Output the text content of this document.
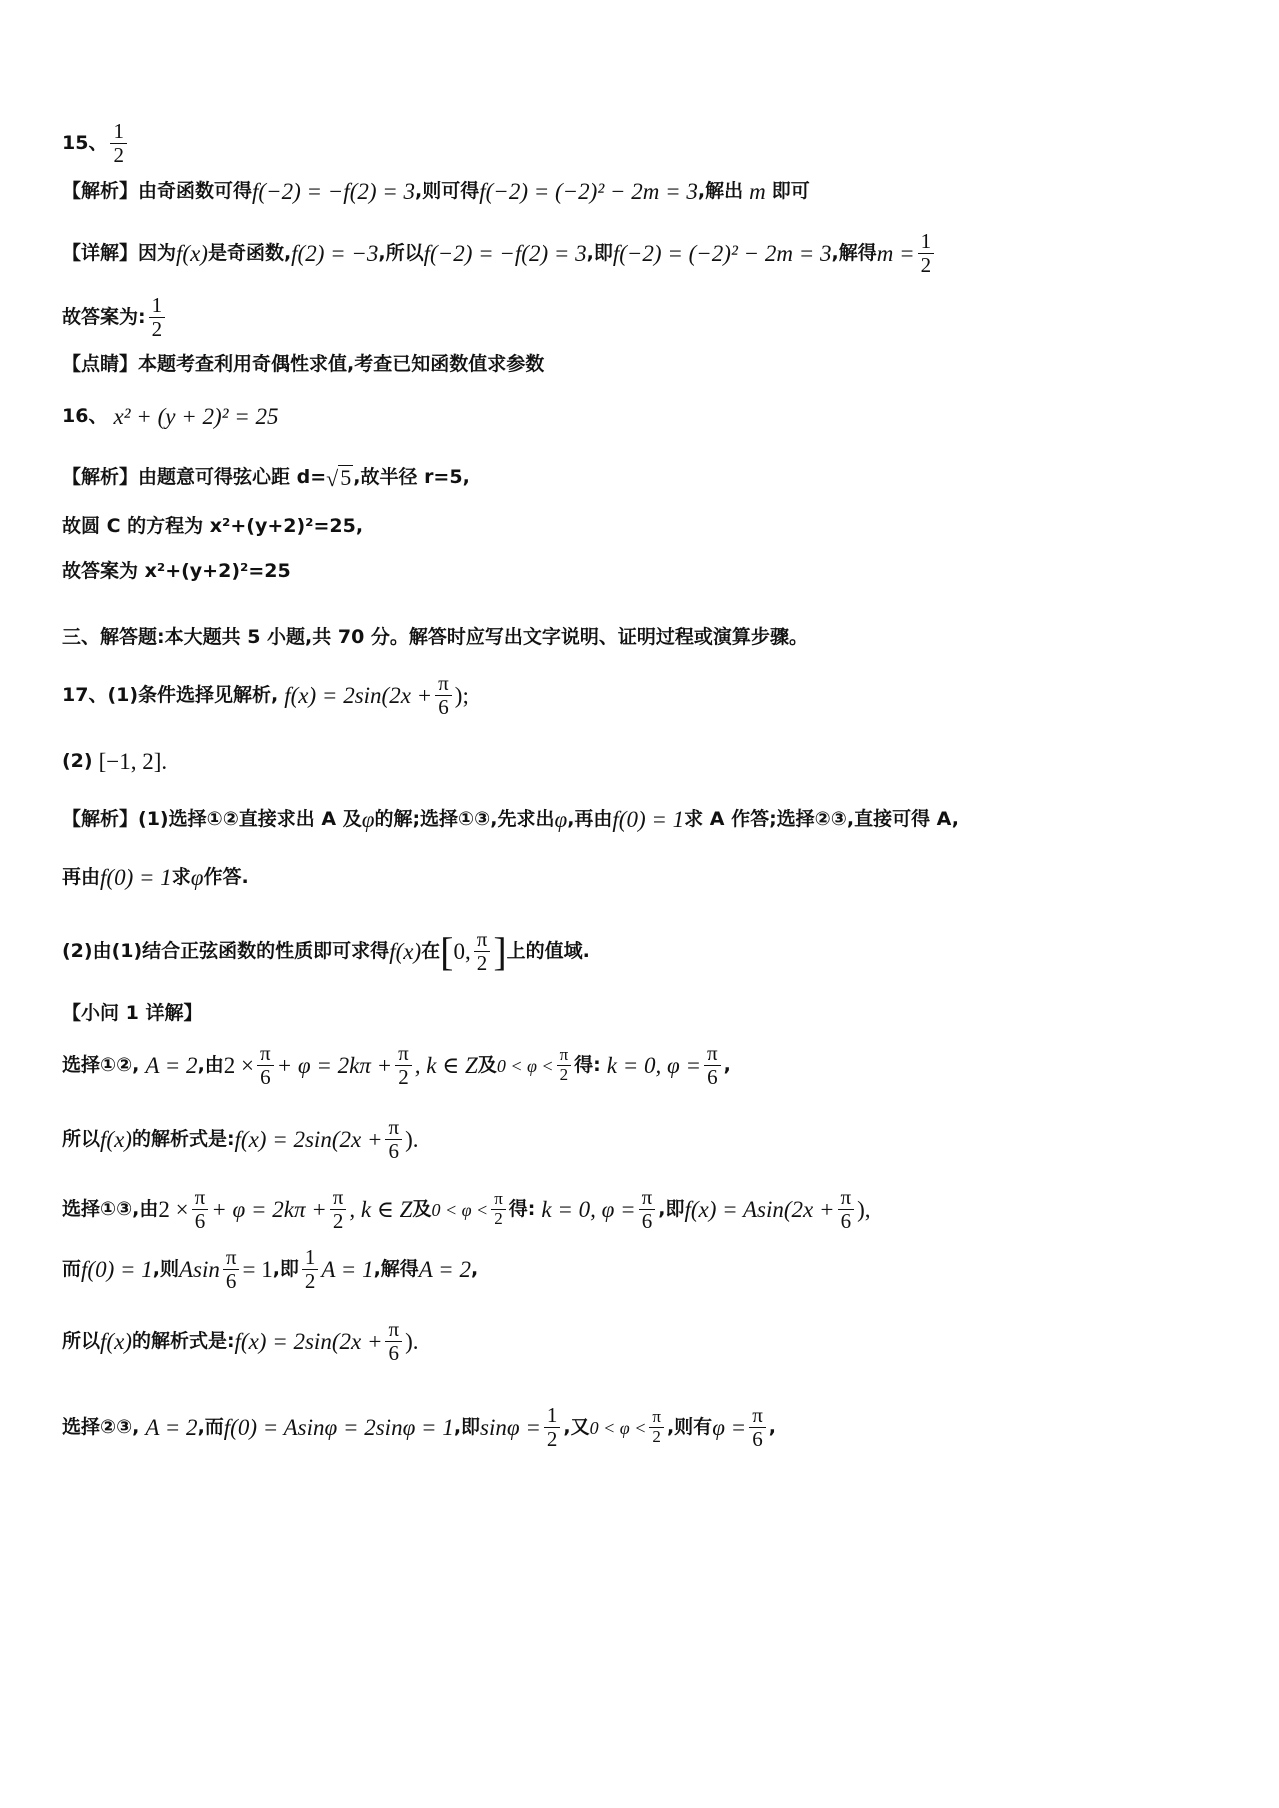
15、 $\frac{1}{2}$
【解析】 由奇函数可得 f(−2) = −f(2) = 3 ,则可得 f(−2) = (−2)² − 2m = 3 ,解出 m 即可
【详解】 因为 f(x) 是奇函数, f(2) = −3 ,所以 f(−2) = −f(2) = 3 ,即 f(−2) = (−2)² − 2m = 3 ,解得 $m = \frac{1}{2}$
故答案为: $\frac{1}{2}$
【点睛】 本题考查利用奇偶性求值,考查已知函数值求参数
16、 x² + (y + 2)² = 25
【解析】 由题意可得弦心距 d= √ 5 ,故半径 r=5,
故圆 C 的方程为 x²+(y+2)²=25,
故答案为 x²+(y+2)²=25
三、解答题:本大题共 5 小题,共 70 分。解答时应写出文字说明、证明过程或演算步骤。
17、(1)条件选择见解析, $f(x) = 2\sin(2x + \frac{\pi}{6}$ );
(2) [−1, 2].
【解析】 (1)选择①②直接求出 A 及 φ 的解;选择①③,先求出 φ ,再由 f(0) = 1 求 A 作答;选择②③,直接可得 A,
再由 f(0) = 1 求 φ 作答.
(2)由(1)结合正弦函数的性质即可求得 f(x) 在 [ 0, $\frac{\pi}{2}$ ] 上的值域.
【小问 1 详解】
选择①②, A = 2 ,由 $2 \times \frac{\pi}{6} + \varphi = 2k\pi + \frac{\pi}{2}$ , k ∈ Z 及 $0 < \varphi < \frac{\pi}{2}$ 得: k = 0, $\varphi = \frac{\pi}{6}$ ,
所以 f(x) 的解析式是: $f(x) = 2\sin(2x + \frac{\pi}{6}$ ).
选择①③,由 $2 \times \frac{\pi}{6} + \varphi = 2k\pi + \frac{\pi}{2}$ , k ∈ Z 及 $0 < \varphi < \frac{\pi}{2}$ 得: k = 0, $\varphi = \frac{\pi}{6}$ ,即 $f(x) = Asin(2x + \frac{\pi}{6}$ ),
而 f(0) = 1 ,则 Asin $\frac{\pi}{6} = 1$ ,即 $\frac{1}{2}$ A = 1 ,解得 A = 2 ,
所以 f(x) 的解析式是: $f(x) = 2\sin(2x + \frac{\pi}{6}$ ).
选择②③, A = 2 ,而 f(0) = Asinφ = 2sinφ = 1 ,即 $\sin\varphi = \frac{1}{2}$ ,又 $0 < \varphi < \frac{\pi}{2}$ ,则有 $\varphi = \frac{\pi}{6}$ ,
